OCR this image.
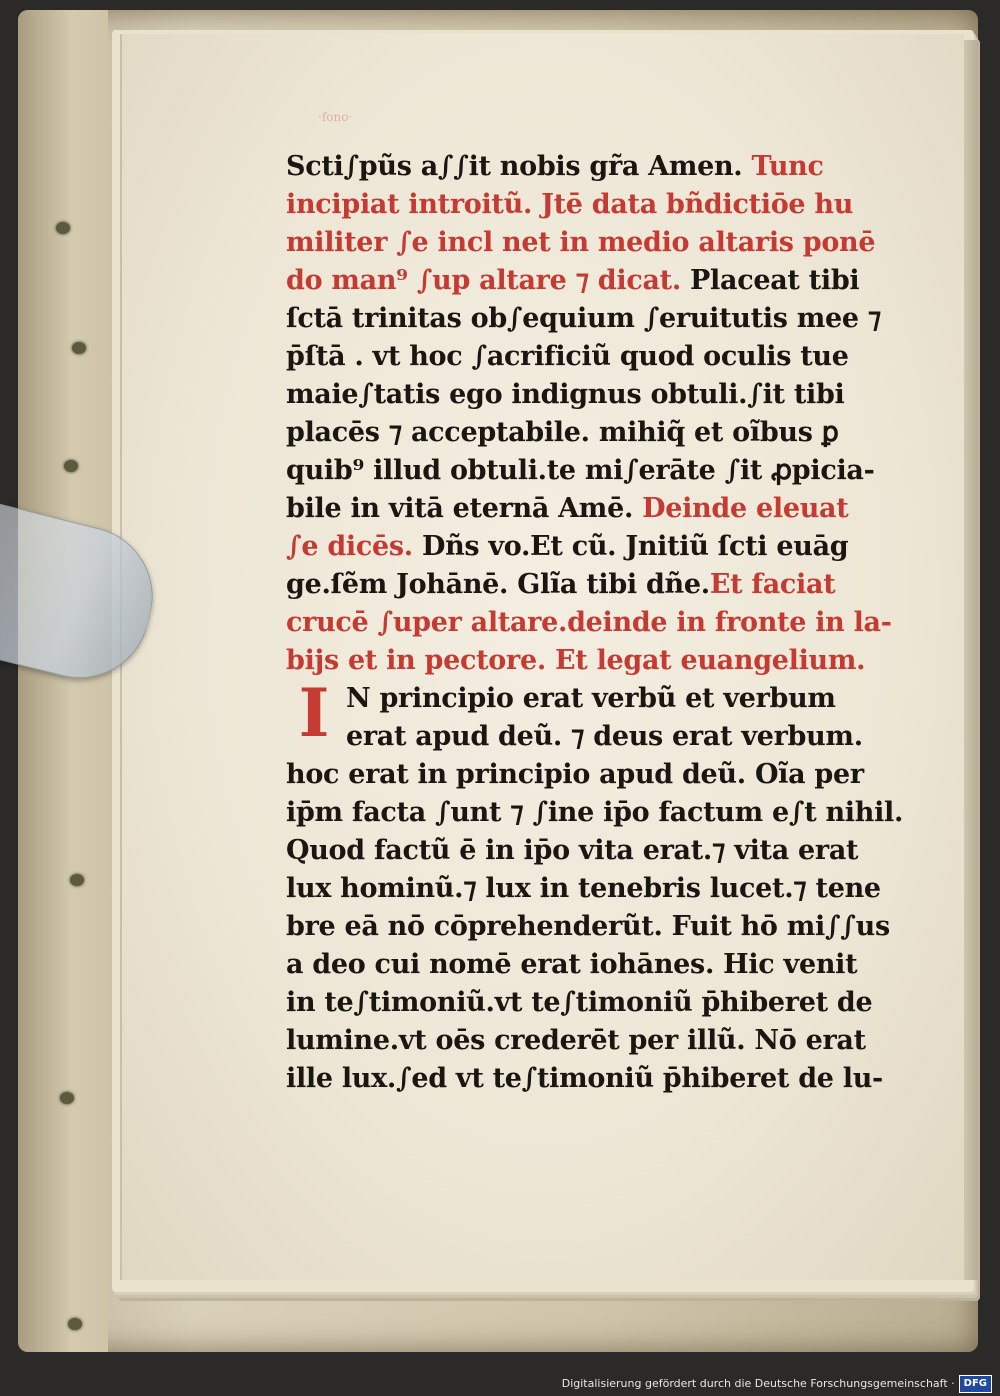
·fono·
Scti∫pũs a∫∫it nobis gr̃a Amen. Tunc
incipiat introitũ. Jtē data bñdictiōe hu
militer ∫e incl net in medio altaris ponē
do man⁹ ∫up altare ⁊ dicat. Placeat tibi
ſctā trinitas ob∫equium ∫eruitutis mee ⁊
p̄ſtā . vt hoc ∫acrificiũ quod oculis tue
maie∫tatis ego indignus obtuli.∫it tibi
placēs ⁊ acceptabile. mihiq̃ et oĩbus ꝑ
quib⁹ illud obtuli.te mi∫erāte ∫it ꝓpicia-
bile in vitā eternā Amē. Deinde eleuat
∫e dicēs. Dñs vo.Et cũ. Jnitiũ ſcti euāg
ge.ſẽm Johānē. Glĩa tibi dñe.Et faciat
crucē ∫uper altare.deinde in fronte in la-
bijs et in pectore. Et legat euangelium.
I N principio erat verbũ et verbum
erat apud deũ. ⁊ deus erat verbum.
hoc erat in principio apud deũ. Oĩa per
ip̄m facta ∫unt ⁊ ∫ine ip̄o factum e∫t nihil.
Quod factũ ē in ip̄o vita erat.⁊ vita erat
lux hominũ.⁊ lux in tenebris lucet.⁊ tene
bre eā nō cōprehenderũt. Fuit hō mi∫∫us
a deo cui nomē erat iohānes. Hic venit
in te∫timoniũ.vt te∫timoniũ p̄hiberet de
lumine.vt oēs crederēt per illũ. Nō erat
ille lux.∫ed vt te∫timoniũ p̄hiberet de lu-
Digitalisierung gefördert durch die Deutsche Forschungsgemeinschaft · DFG
